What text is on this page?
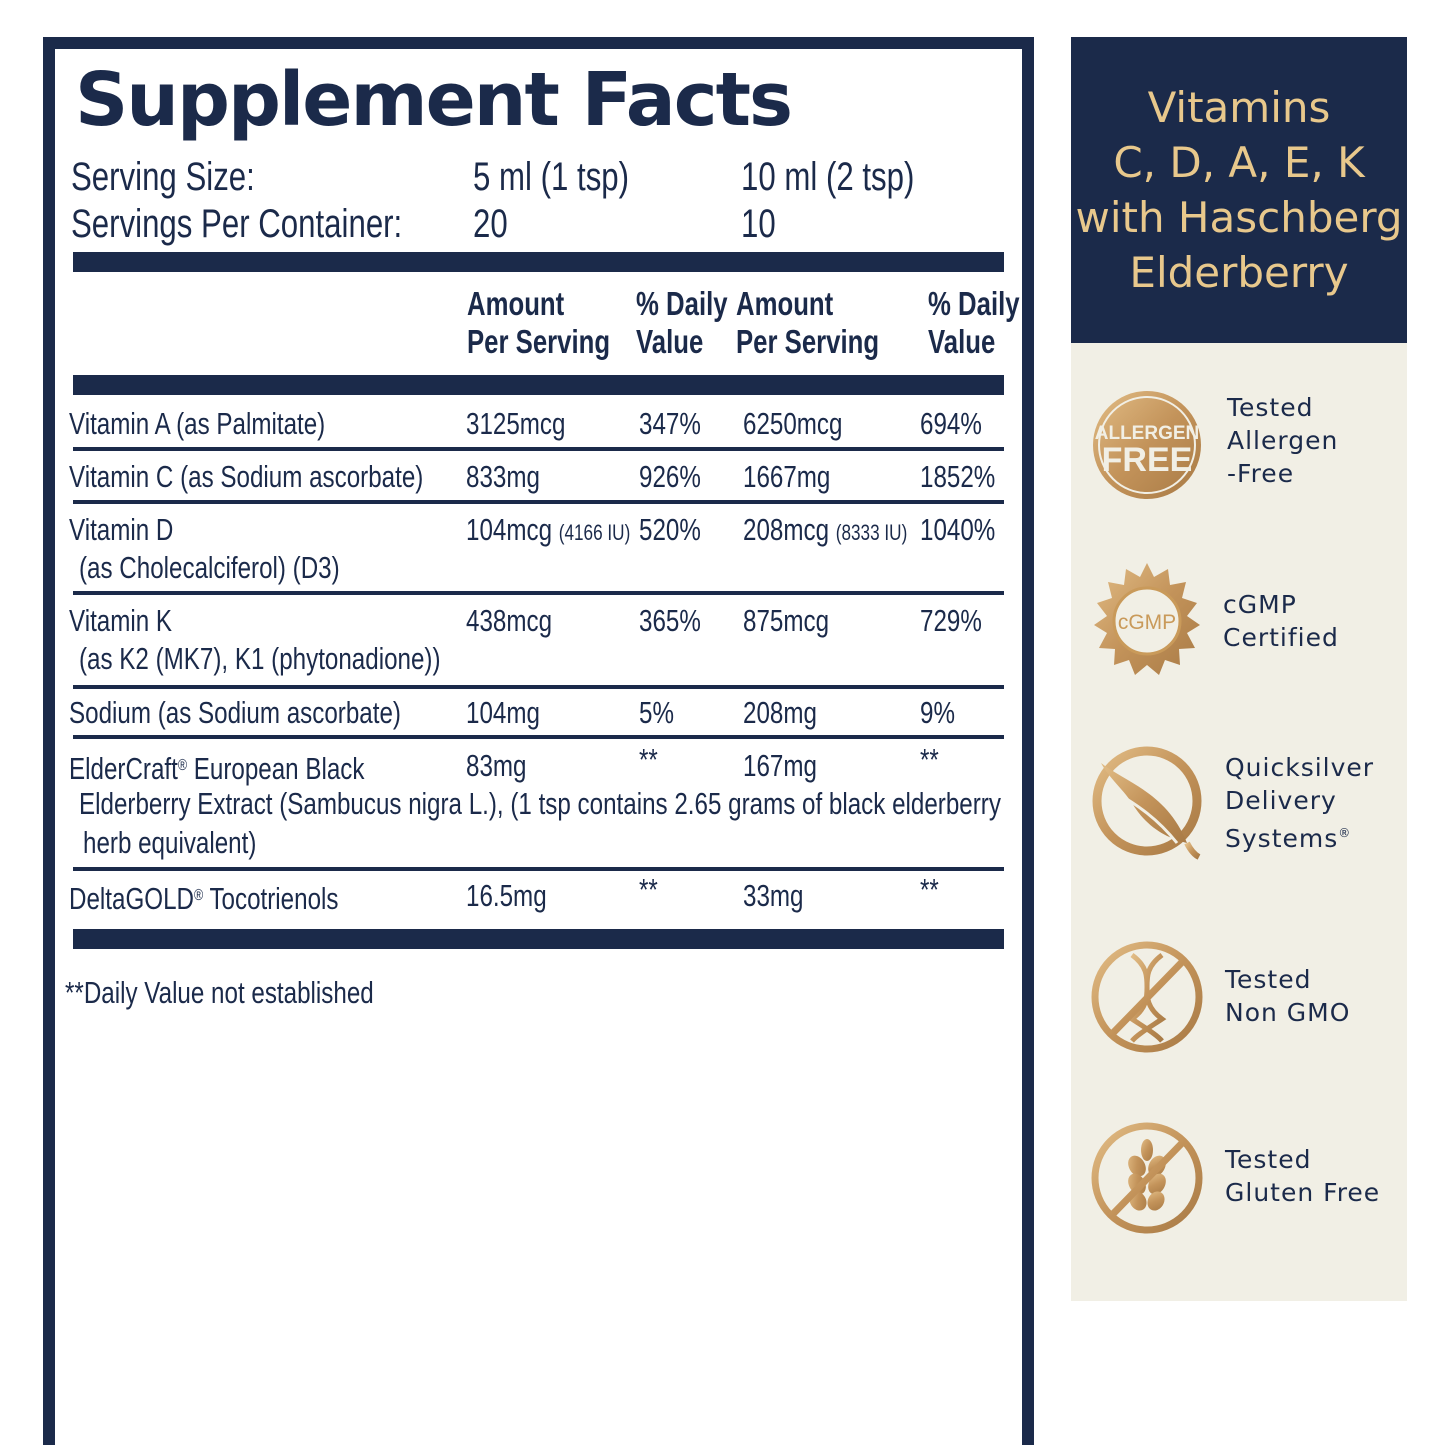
Supplement Facts
Serving Size:	5 ml (1 tsp)	10 ml (2 tsp)
Servings Per Container:	20	10
Amount
Per Serving
% Daily
Value
Amount
Per Serving
% Daily
Value
Vitamin A (as Palmitate)	3125mcg	347%	6250mcg	694%
Vitamin C (as Sodium ascorbate)	833mg	926%	1667mg	1852%
Vitamin D
(as Cholecalciferol) (D3)
104mcg (4166 IU) 520%	208mcg (8333 IU) 1040%
Vitamin K
(as K2 (MK7), K1 (phytonadione))
438mcg	365%	875mcg	729%
Sodium (as Sodium ascorbate)	104mg	5%	208mg	9%
ElderCraft® European Black
Elderberry Extract (Sambucus nigra L.), (1 tsp contains 2.65 grams of black elderberry
herb equivalent)
83mg	**	167mg	**
DeltaGOLD® Tocotrienols	16.5mg	**	33mg	**
**Daily Value not established
Vitamins
C, D, A, E, K
with Haschberg
Elderberry
ALLERGEN
FREE
Tested
Allergen
-Free
cGMP
cGMP
Certified
Quicksilver
Delivery
Systems®
Tested
Non GMO
Tested
Gluten Free
